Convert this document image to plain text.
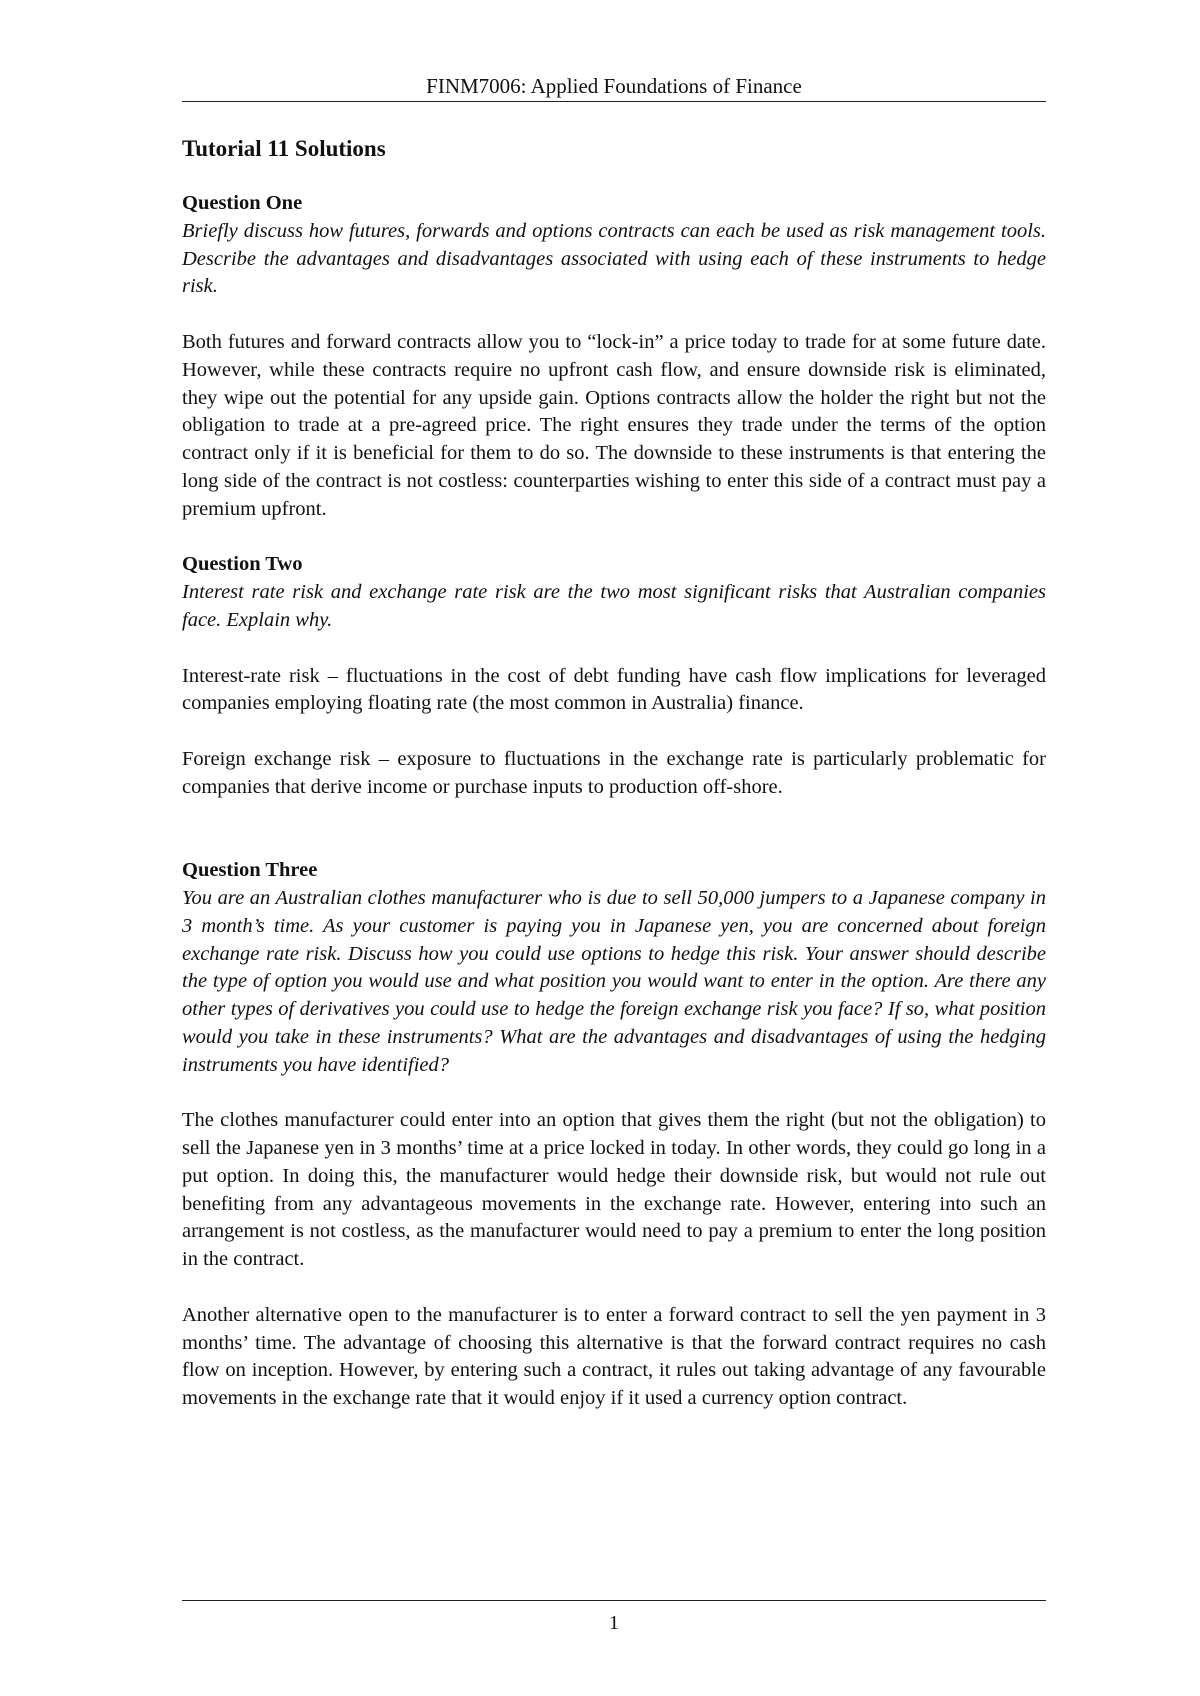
FINM7006: Applied Foundations of Finance
Tutorial 11 Solutions

Question One

Briefly discuss how futures, forwards and options contracts can each be used as risk management tools. Describe the advantages and disadvantages associated with using each of these instruments to hedge risk.

Both futures and forward contracts allow you to “lock-in” a price today to trade for at some future date. However, while these contracts require no upfront cash flow, and ensure downside risk is eliminated, they wipe out the potential for any upside gain. Options contracts allow the holder the right but not the obligation to trade at a pre-agreed price. The right ensures they trade under the terms of the option contract only if it is beneficial for them to do so. The downside to these instruments is that entering the long side of the contract is not costless: counterparties wishing to enter this side of a contract must pay a premium upfront.

Question Two

Interest rate risk and exchange rate risk are the two most significant risks that Australian companies face. Explain why.

Interest-rate risk – fluctuations in the cost of debt funding have cash flow implications for leveraged companies employing floating rate (the most common in Australia) finance.

Foreign exchange risk – exposure to fluctuations in the exchange rate is particularly problematic for companies that derive income or purchase inputs to production off-shore.

Question Three

You are an Australian clothes manufacturer who is due to sell 50,000 jumpers to a Japanese company in 3 month’s time. As your customer is paying you in Japanese yen, you are concerned about foreign exchange rate risk. Discuss how you could use options to hedge this risk. Your answer should describe the type of option you would use and what position you would want to enter in the option. Are there any other types of derivatives you could use to hedge the foreign exchange risk you face? If so, what position would you take in these instruments? What are the advantages and disadvantages of using the hedging instruments you have identified?

The clothes manufacturer could enter into an option that gives them the right (but not the obligation) to sell the Japanese yen in 3 months’ time at a price locked in today. In other words, they could go long in a put option. In doing this, the manufacturer would hedge their downside risk, but would not rule out benefiting from any advantageous movements in the exchange rate. However, entering into such an arrangement is not costless, as the manufacturer would need to pay a premium to enter the long position in the contract.

Another alternative open to the manufacturer is to enter a forward contract to sell the yen payment in 3 months’ time. The advantage of choosing this alternative is that the forward contract requires no cash flow on inception. However, by entering such a contract, it rules out taking advantage of any favourable movements in the exchange rate that it would enjoy if it used a currency option contract.

1
